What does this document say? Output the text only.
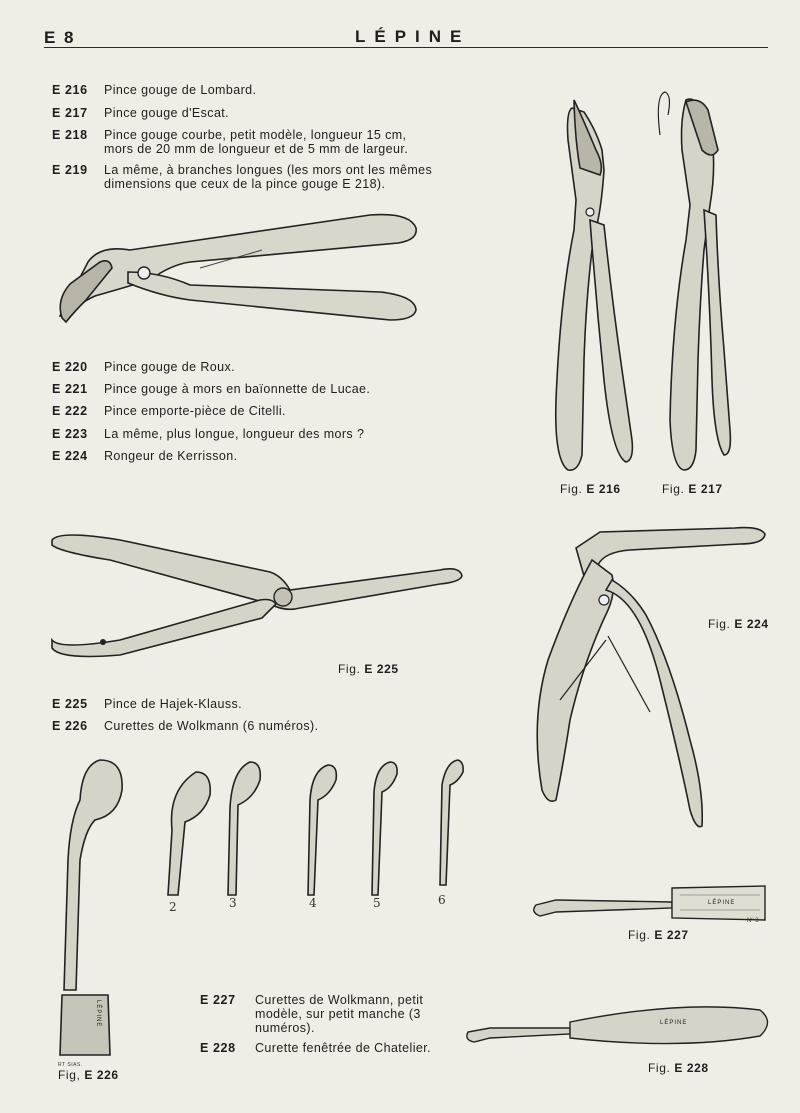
E 8	LÉPINE
E 216 Pince gouge de Lombard.
E 217 Pince gouge d'Escat.
E 218 Pince gouge courbe, petit modèle, longueur 15 cm, mors de 20 mm de longueur et de 5 mm de largeur.
E 219 La même, à branches longues (les mors ont les mêmes dimensions que ceux de la pince gouge E 218).
E 220 Pince gouge de Roux.
E 221 Pince gouge à mors en baïonnette de Lucae.
E 222 Pince emporte-pièce de Citelli.
E 223 La même, plus longue, longueur des mors ?
E 224 Rongeur de Kerrisson.
E 225 Pince de Hajek-Klauss.
E 226 Curettes de Wolkmann (6 numéros).
E 227 Curettes de Wolkmann, petit modèle, sur petit manche (3 numéros).
E 228 Curette fenêtrée de Chatelier.
LÉPINE
Nº 3
LÉPINE
LÉPINE
RT SIAS.
2	3	4	5	6
Fig. E 216	Fig. E 217
Fig. E 224
Fig. E 225
Fig, E 226
Fig. E 227
Fig. E 228
